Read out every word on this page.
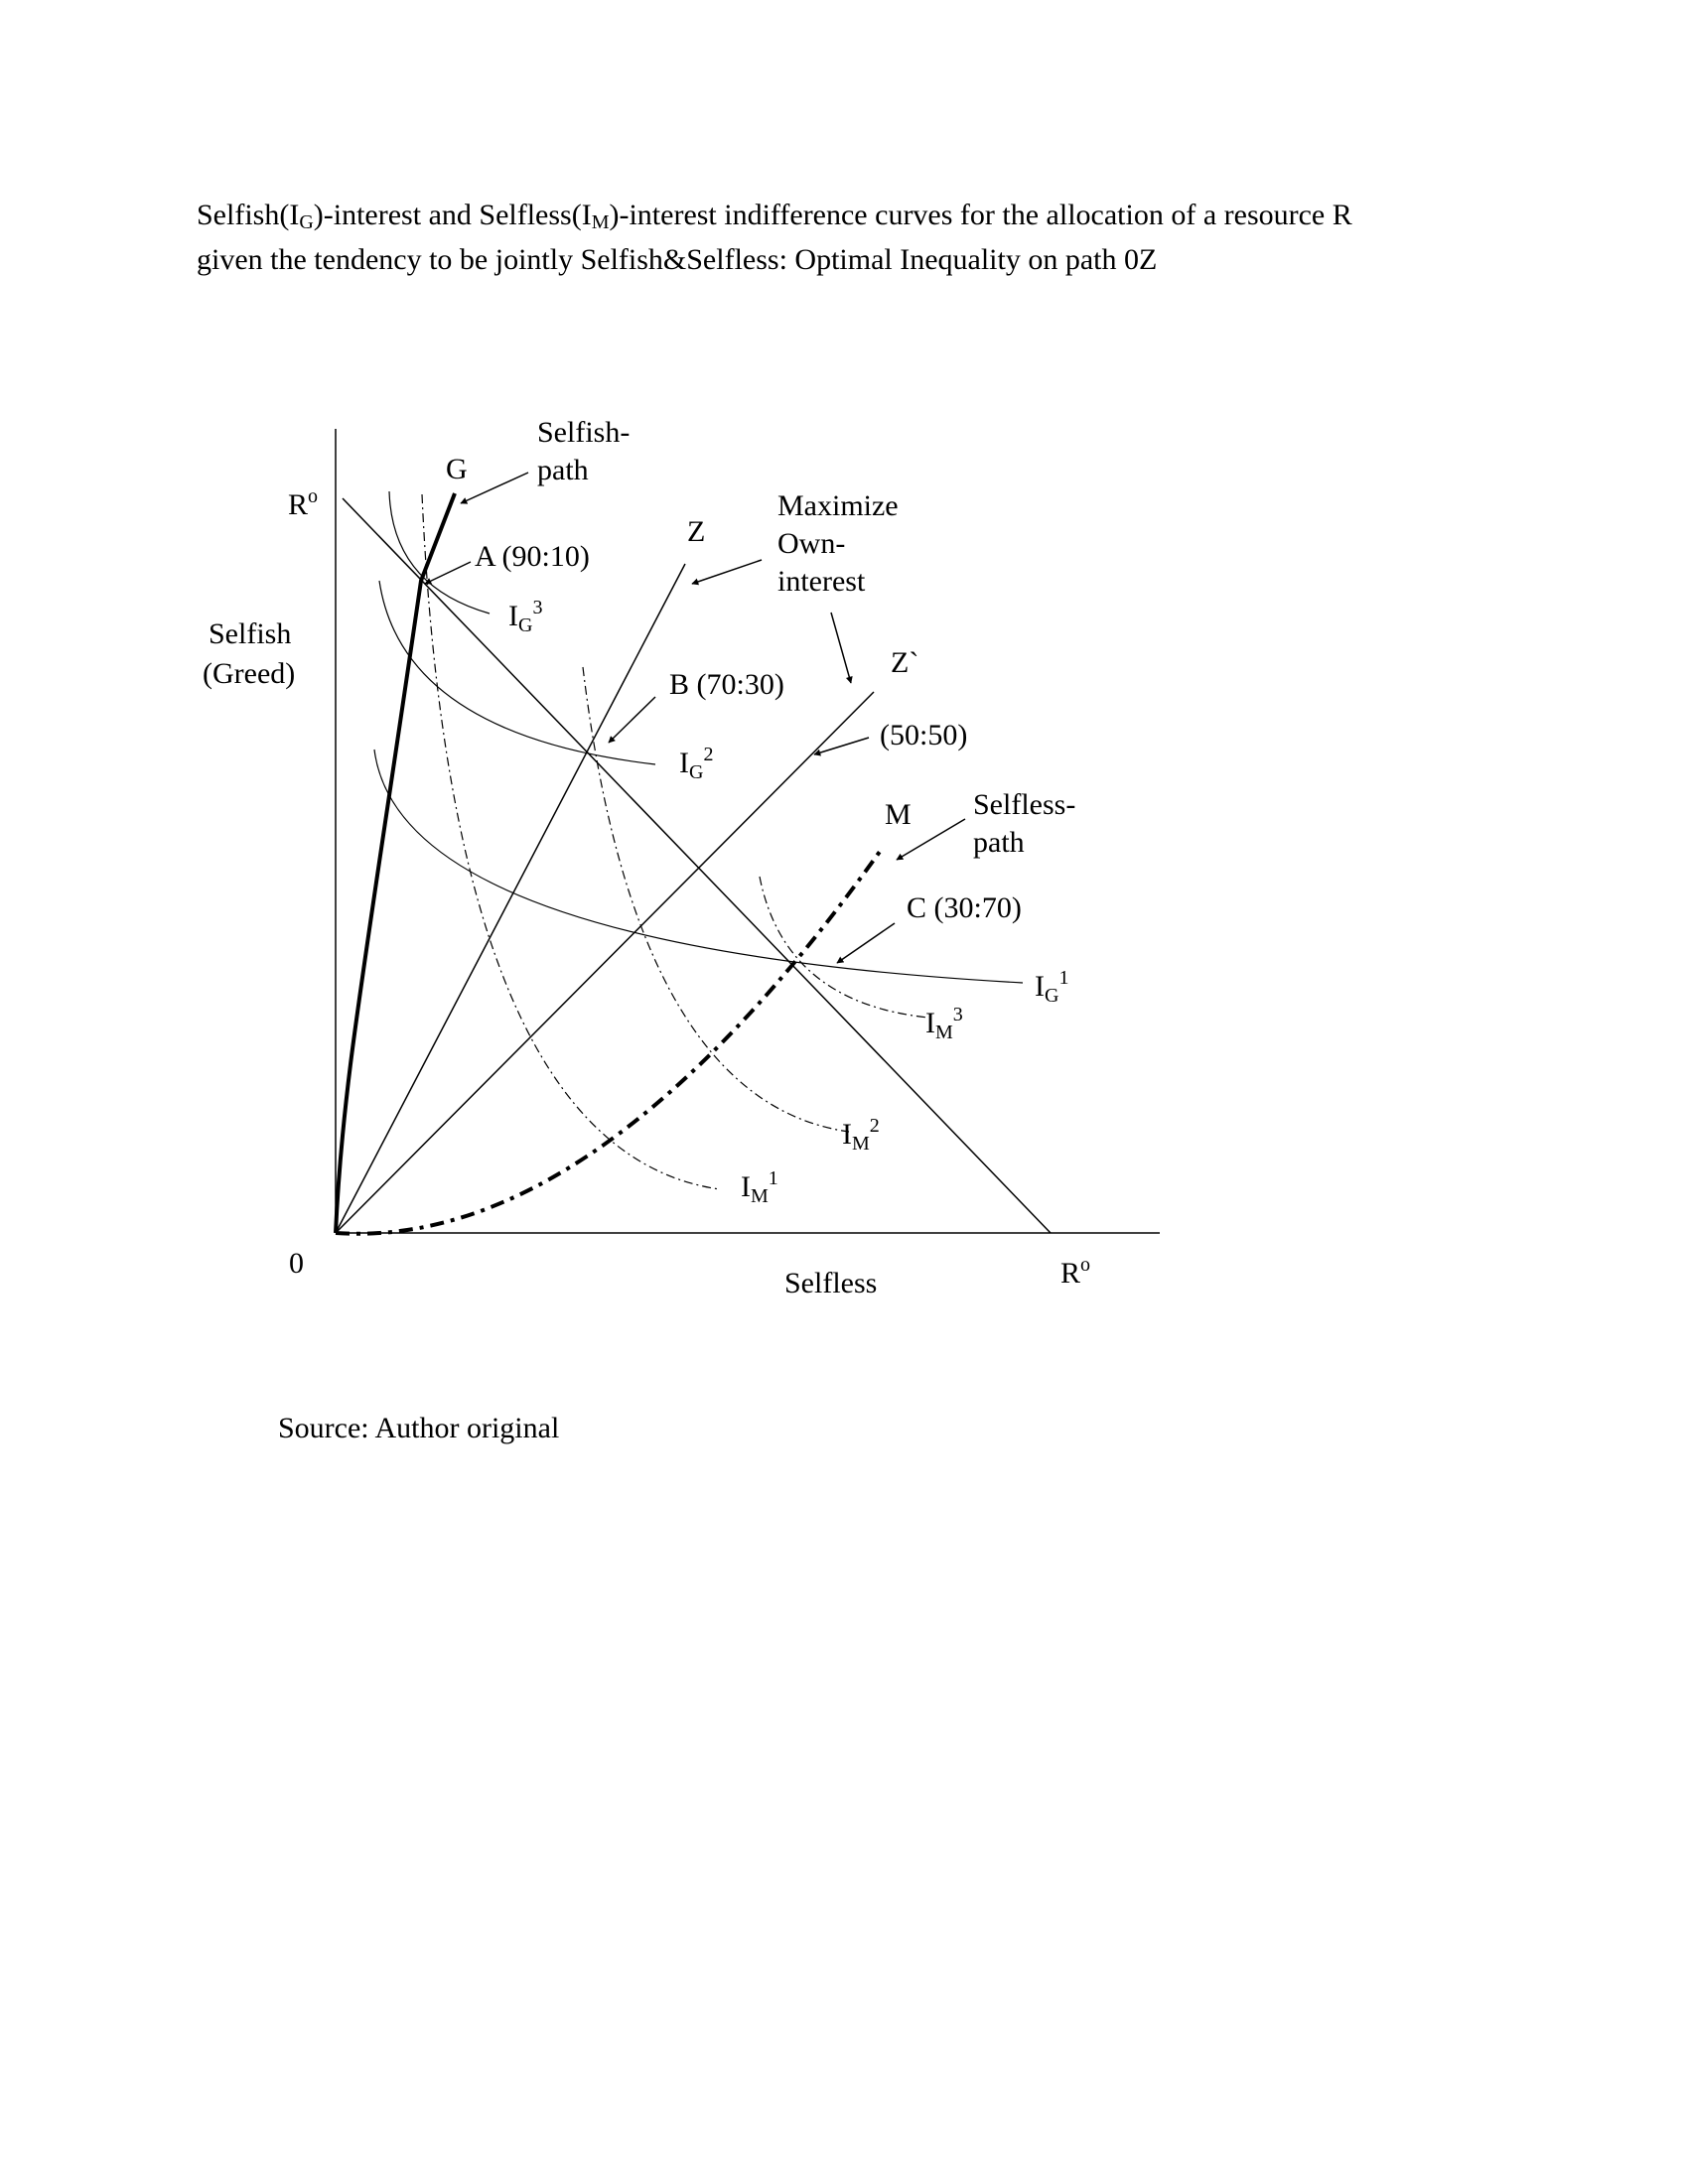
$Selfish(I_G)$-interest and $Selfless(I_M)$-interest indifference curves for the allocation of a resource R
given the tendency to be jointly Selfish&Selfless: Optimal Inequality on path 0Z
$R^o$
Selfish
(Greed)
0
Selfless	$R^o$
Selfish-
path
G
Z
Maximize
Own-
interest
Z`
M Selfless-
path
A (90:10)
B (70:30)
(50:50)
C (30:70)
$I_G^3$
$I_G^2$
$I_G^1$
$I_M^3$
$I_M^2$
$I_M^1$
Source: Author original
